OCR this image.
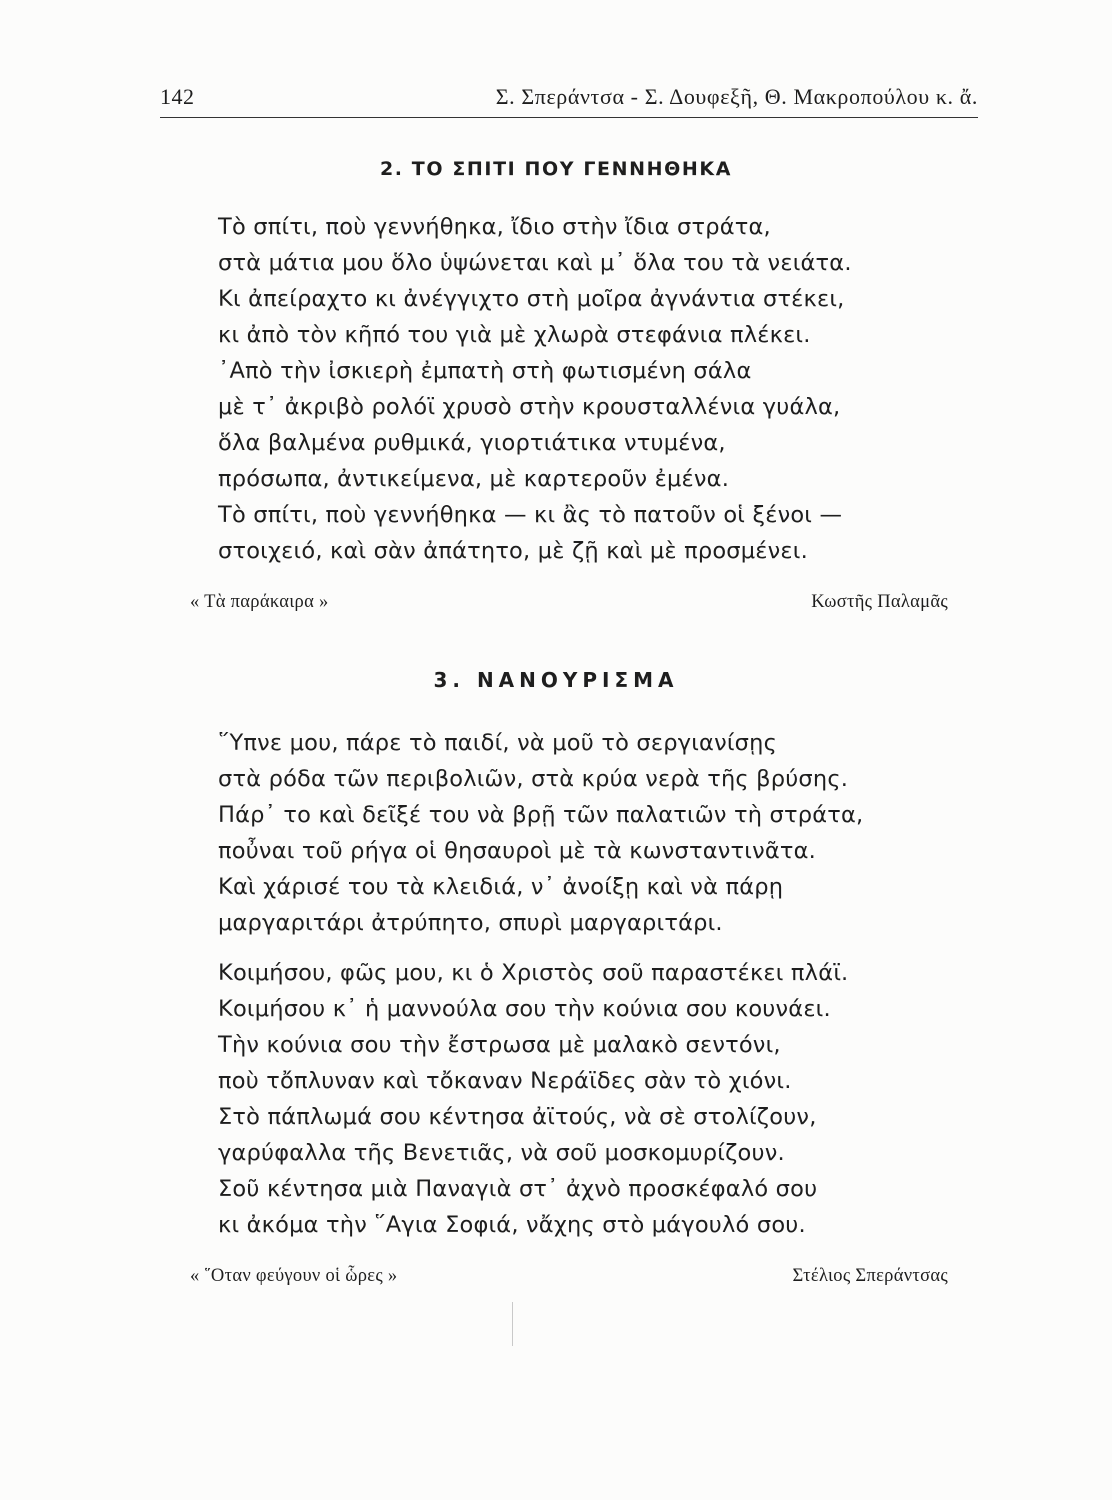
142	Σ. Σπεράντσα - Σ. Δουφεξῆ, Θ. Μακροπούλου κ. ἄ.
2. ΤΟ ΣΠΙΤΙ ΠΟΥ ΓΕΝΝΗΘΗΚΑ
Τὸ σπίτι, ποὺ γεννήθηκα, ἴδιο στὴν ἴδια στράτα,
στὰ μάτια μου ὅλο ὑψώνεται καὶ μ᾽ ὅλα του τὰ νειάτα.
Κι ἀπείραχτο κι ἀνέγγιχτο στὴ μοῖρα ἀγνάντια στέκει,
κι ἀπὸ τὸν κῆπό του γιὰ μὲ χλωρὰ στεφάνια πλέκει.
᾽Απὸ τὴν ἰσκιερὴ ἐμπατὴ στὴ φωτισμένη σάλα
μὲ τ᾽ ἀκριβὸ ρολόϊ χρυσὸ στὴν κρουσταλλένια γυάλα,
ὅλα βαλμένα ρυθμικά, γιορτιάτικα ντυμένα,
πρόσωπα, ἀντικείμενα, μὲ καρτεροῦν ἐμένα.
Τὸ σπίτι, ποὺ γεννήθηκα — κι ἂς τὸ πατοῦν οἱ ξένοι —
στοιχειό, καὶ σὰν ἀπάτητο, μὲ ζῇ καὶ μὲ προσμένει.
« Τὰ παράκαιρα »	Κωστῆς Παλαμᾶς
3. ΝΑΝΟΥΡΙΣΜΑ
῞Υπνε μου, πάρε τὸ παιδί, νὰ μοῦ τὸ σεργιανίσῃς
στὰ ρόδα τῶν περιβολιῶν, στὰ κρύα νερὰ τῆς βρύσης.
Πάρ᾽ το καὶ δεῖξέ του νὰ βρῇ τῶν παλατιῶν τὴ στράτα,
ποὖναι τοῦ ρήγα οἱ θησαυροὶ μὲ τὰ κωνσταντινᾶτα.
Καὶ χάρισέ του τὰ κλειδιά, ν᾽ ἀνοίξῃ καὶ νὰ πάρῃ
μαργαριτάρι ἀτρύπητο, σπυρὶ μαργαριτάρι.
Κοιμήσου, φῶς μου, κι ὁ Χριστὸς σοῦ παραστέκει πλάϊ.
Κοιμήσου κ᾽ ἡ μαννούλα σου τὴν κούνια σου κουνάει.
Τὴν κούνια σου τὴν ἔστρωσα μὲ μαλακὸ σεντόνι,
ποὺ τὄπλυναν καὶ τὄκαναν Νεράϊδες σὰν τὸ χιόνι.
Στὸ πάπλωμά σου κέντησα ἀϊτούς, νὰ σὲ στολίζουν,
γαρύφαλλα τῆς Βενετιᾶς, νὰ σοῦ μοσκομυρίζουν.
Σοῦ κέντησα μιὰ Παναγιὰ στ᾽ ἀχνὸ προσκέφαλό σου
κι ἀκόμα τὴν ῞Αγια Σοφιά, νἄχης στὸ μάγουλό σου.
« ῞Οταν φεύγουν οἱ ὧρες »	Στέλιος Σπεράντσας
